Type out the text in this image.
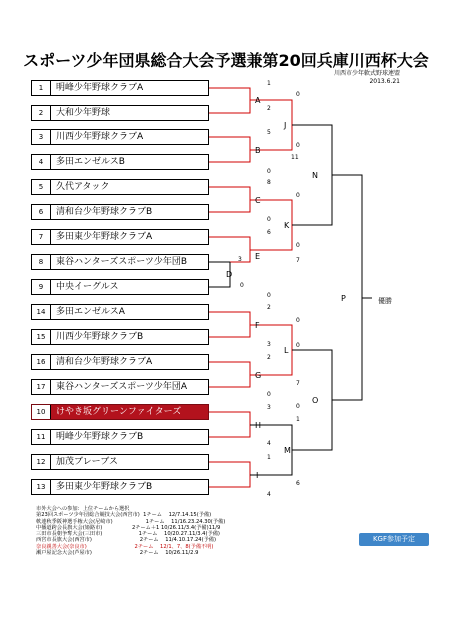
スポーツ少年団県総合大会予選兼第20回兵庫川西杯大会
川西市少年軟式野球連盟
2013.6.21
1	明峰少年野球クラブA
2	大和少年野球
3	川西少年野球クラブA
4	多田エンゼルスB
5	久代アタック
6	清和台少年野球クラブB
7	多田東少年野球クラブA
8	東谷ハンターズスポーツ少年団B
9	中央イーグルス
14	多田エンゼルスA
15	川西少年野球クラブB
16	清和台少年野球クラブA
17	東谷ハンターズスポーツ少年団A
10	けやき坂グリーンファイターズ
11	明峰少年野球クラブB
12	加茂ブレーブス
13	多田東少年野球クラブB
A
B
C
D
E
F
G
H
I
J
K
L
M
N
O
P
1
0
2
5
0
11
0
8
0
0
6
0
3	7
0
0
2
0
3	0
2
7
0
3	0
1
4
1
4
6
優勝
市外大会への参加：上位チームから選択
第23回スポーツ少年団総合競技大会(西宮市)  1チーム    12/7.14.15(予備)
軟連秋季阪神選手権大会(尼崎市)                    1チーム    11/16.23.24.30(予備)
中播道跨会長旗大会(姫路市)                  2チーム＋1 10/26.11/3.4(予備)11/9
三田市長朝争奪大会(三田市)                      1チーム    10/20.27.11/3.4(予備)
西宮市長旗大会(西宮市)                             2チーム    11/4.10.17.24(予備)
奈良親善大会(奈良市)                             2チーム    12/1、7、8(予備不明)
瀬戸屋記念大会(芦屋市)                             2チーム    10/26.11/2.9
KGF参加予定
